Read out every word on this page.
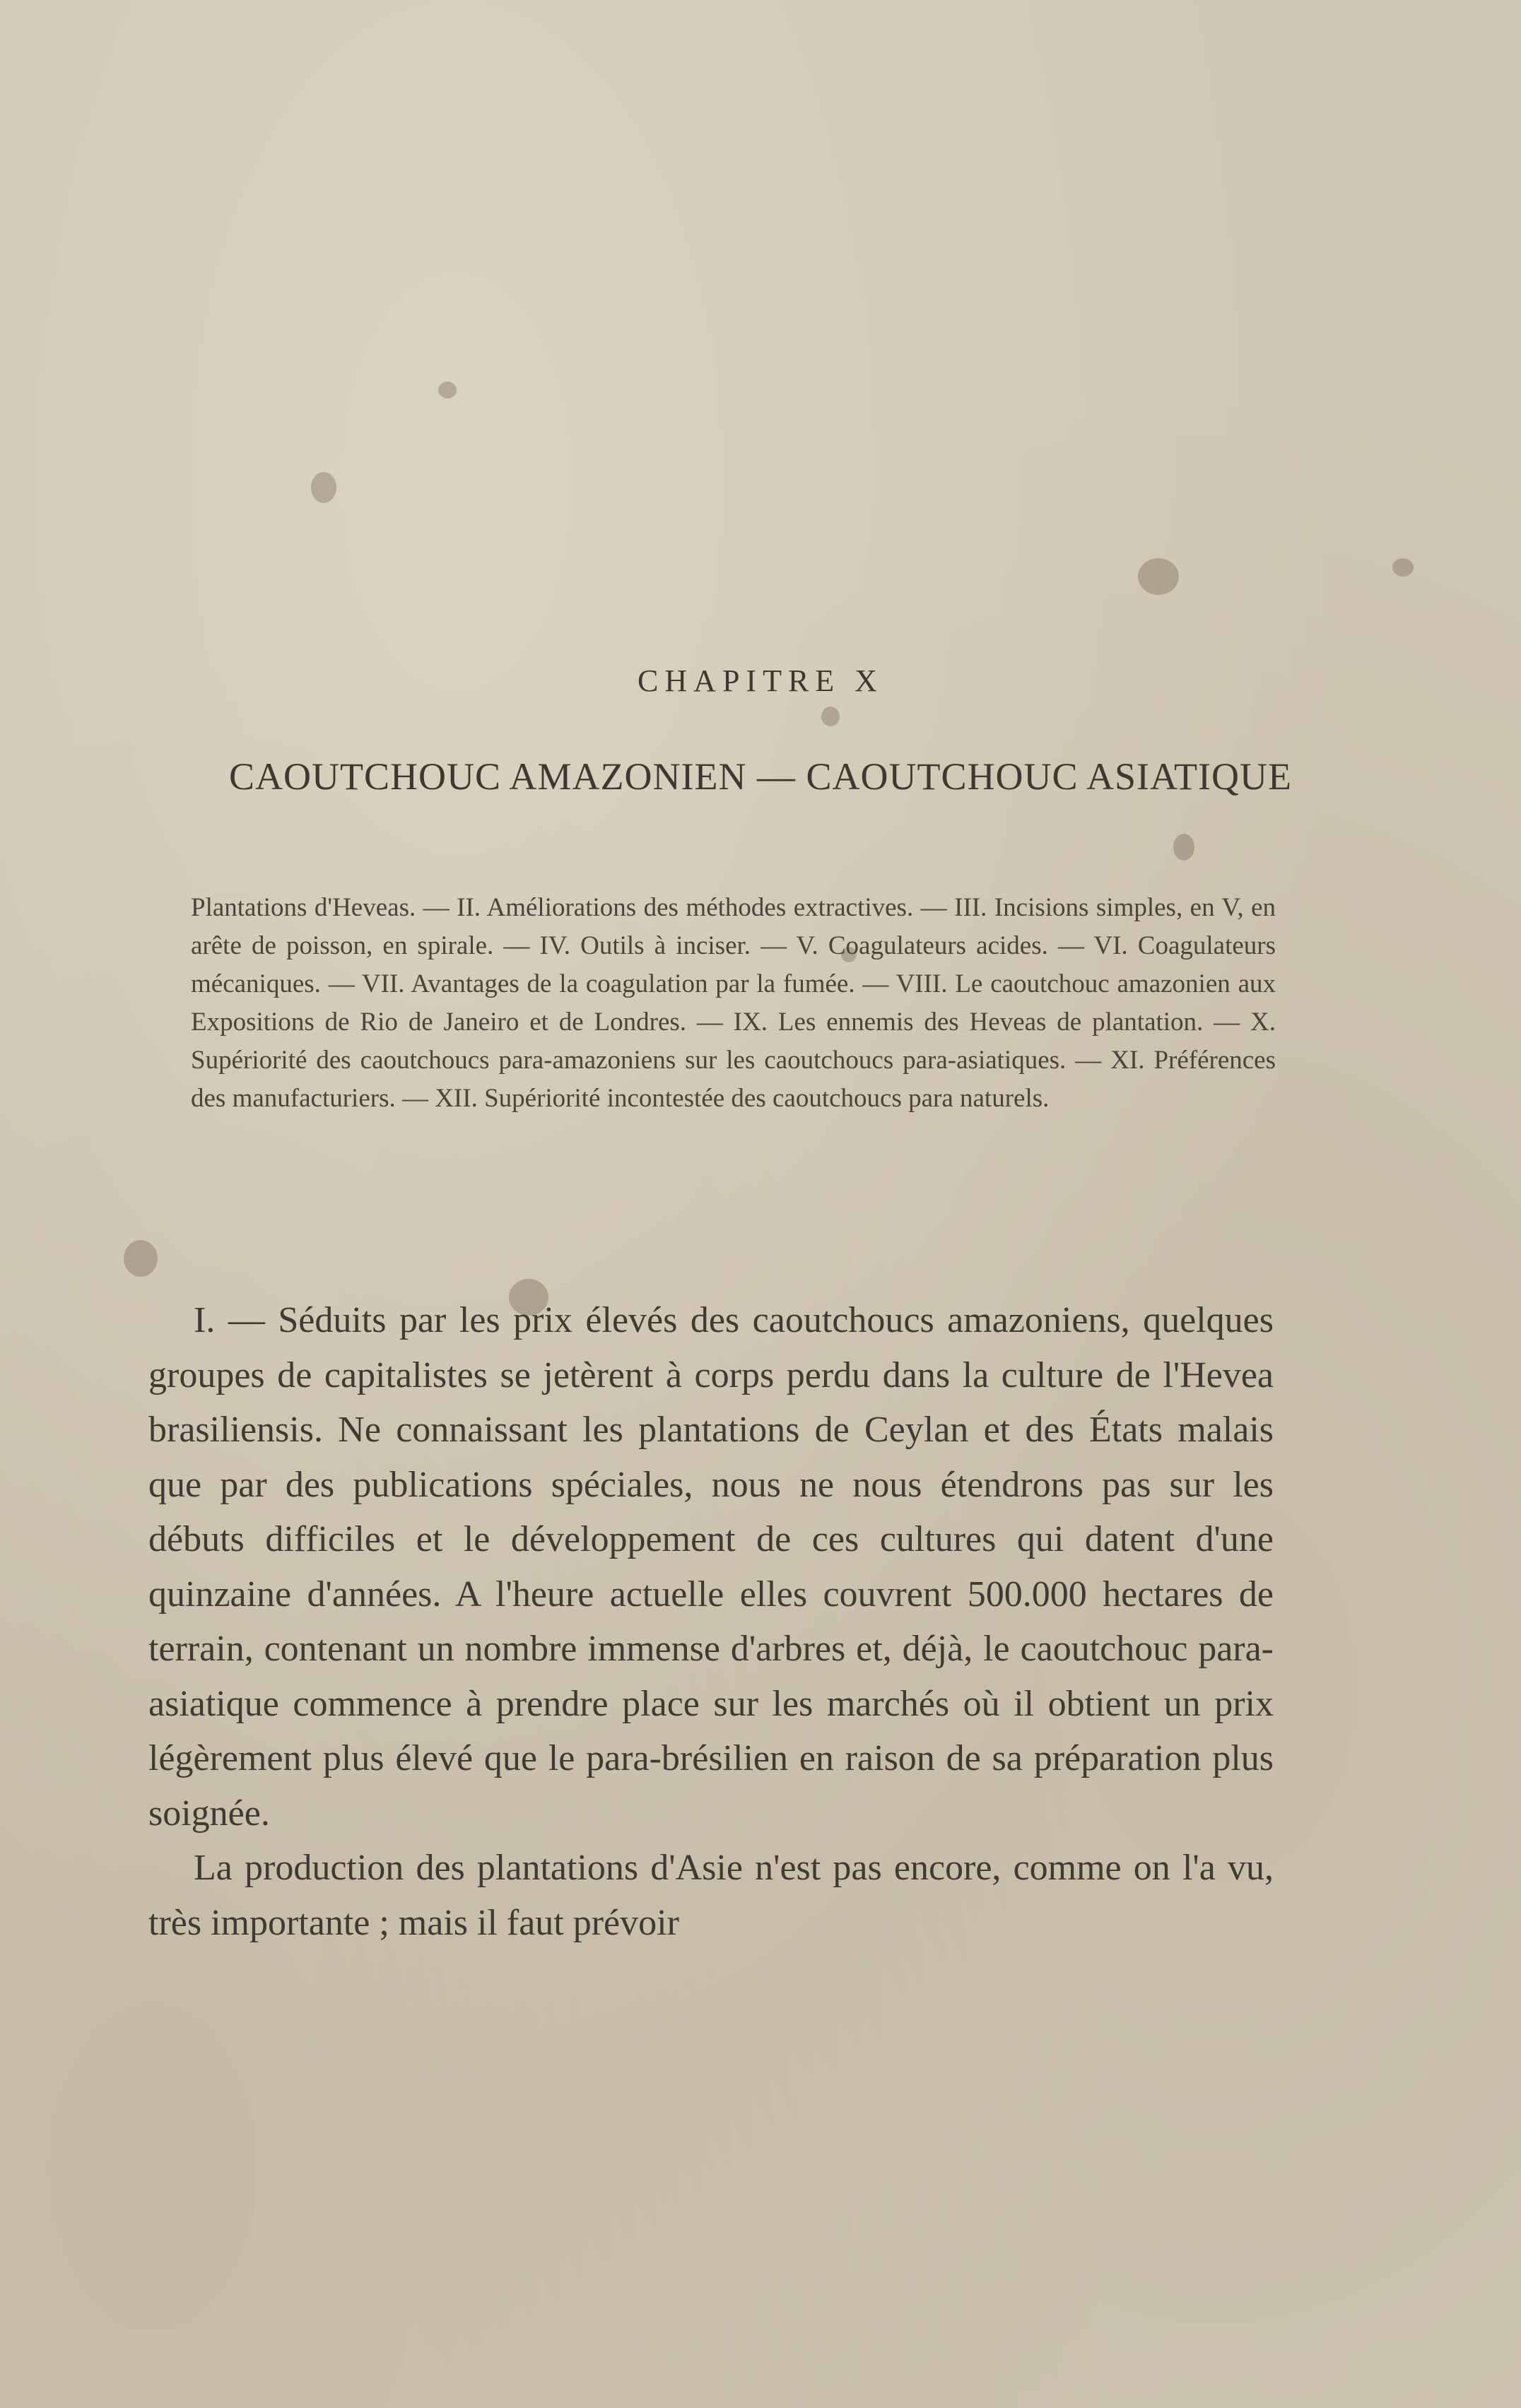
CHAPITRE X
CAOUTCHOUC AMAZONIEN — CAOUTCHOUC ASIATIQUE
Plantations d'Heveas. — II. Améliorations des méthodes extractives. — III. Incisions simples, en V, en arête de poisson, en spirale. — IV. Outils à inciser. — V. Coagulateurs acides. — VI. Coagulateurs mécaniques. — VII. Avantages de la coagulation par la fumée. — VIII. Le caoutchouc amazonien aux Expositions de Rio de Janeiro et de Londres. — IX. Les ennemis des Heveas de plantation. — X. Supériorité des caoutchoucs para-amazoniens sur les caoutchoucs para-asiatiques. — XI. Préférences des manufacturiers. — XII. Supériorité incontestée des caoutchoucs para naturels.

I. — Séduits par les prix élevés des caoutchoucs amazoniens, quelques groupes de capitalistes se jetèrent à corps perdu dans la culture de l'Hevea brasiliensis. Ne connaissant les plantations de Ceylan et des États malais que par des publications spéciales, nous ne nous étendrons pas sur les débuts difficiles et le développement de ces cultures qui datent d'une quinzaine d'années. A l'heure actuelle elles couvrent 500.000 hectares de terrain, contenant un nombre immense d'arbres et, déjà, le caoutchouc para-asiatique commence à prendre place sur les marchés où il obtient un prix légèrement plus élevé que le para-brésilien en raison de sa préparation plus soignée.

La production des plantations d'Asie n'est pas encore, comme on l'a vu, très importante ; mais il faut prévoir
